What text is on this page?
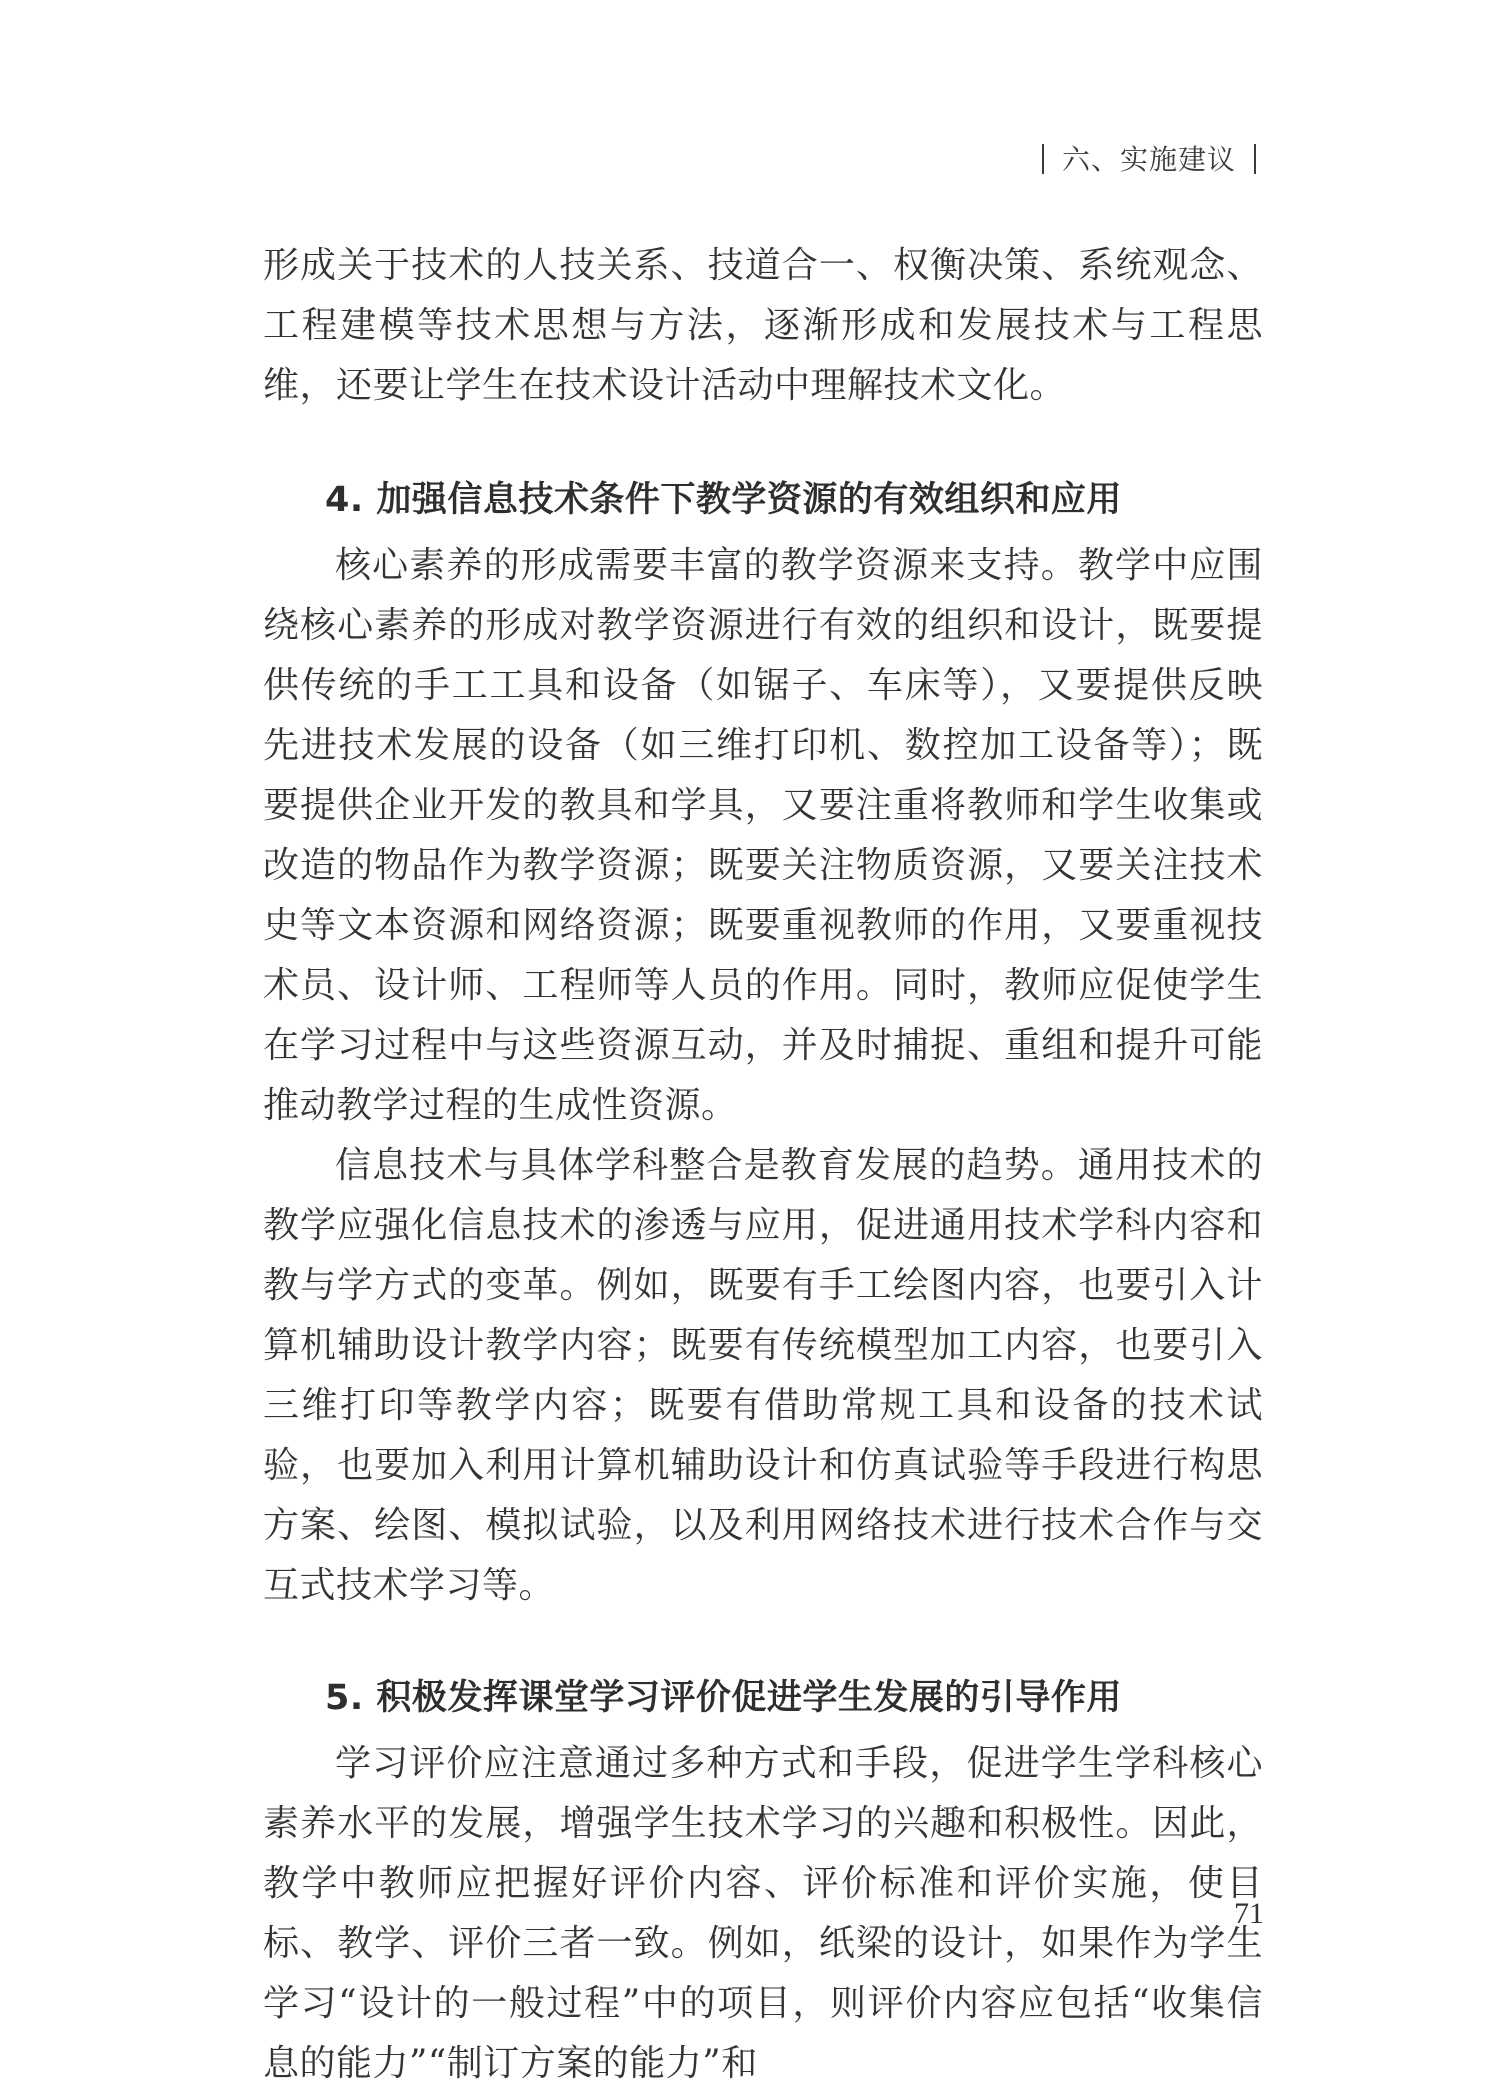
六、实施建议

形成关于技术的人技关系、技道合一、权衡决策、系统观念、工程建模等技术思想与方法，逐渐形成和发展技术与工程思维，还要让学生在技术设计活动中理解技术文化。

4. 加强信息技术条件下教学资源的有效组织和应用

核心素养的形成需要丰富的教学资源来支持。教学中应围绕核心素养的形成对教学资源进行有效的组织和设计，既要提供传统的手工工具和设备（如锯子、车床等），又要提供反映先进技术发展的设备（如三维打印机、数控加工设备等）；既要提供企业开发的教具和学具，又要注重将教师和学生收集或改造的物品作为教学资源；既要关注物质资源，又要关注技术史等文本资源和网络资源；既要重视教师的作用，又要重视技术员、设计师、工程师等人员的作用。同时，教师应促使学生在学习过程中与这些资源互动，并及时捕捉、重组和提升可能推动教学过程的生成性资源。

信息技术与具体学科整合是教育发展的趋势。通用技术的教学应强化信息技术的渗透与应用，促进通用技术学科内容和教与学方式的变革。例如，既要有手工绘图内容，也要引入计算机辅助设计教学内容；既要有传统模型加工内容，也要引入三维打印等教学内容；既要有借助常规工具和设备的技术试验，也要加入利用计算机辅助设计和仿真试验等手段进行构思方案、绘图、模拟试验，以及利用网络技术进行技术合作与交互式技术学习等。

5. 积极发挥课堂学习评价促进学生发展的引导作用

学习评价应注意通过多种方式和手段，促进学生学科核心素养水平的发展，增强学生技术学习的兴趣和积极性。因此，教学中教师应把握好评价内容、评价标准和评价实施，使目标、教学、评价三者一致。例如，纸梁的设计，如果作为学生学习“设计的一般过程”中的项目，则评价内容应包括“收集信息的能力”“制订方案的能力”和

71
